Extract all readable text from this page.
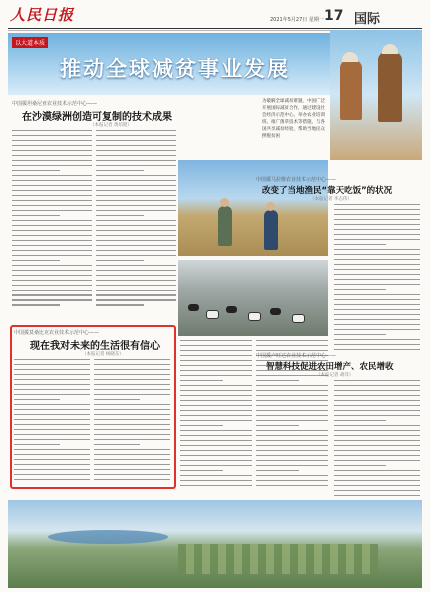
人民日报	2021年5月27日 星期一 17 国际
以大道本质
推动全球减贫事业发展
为破解全球减贫难题，中国广泛开展国际减贫合作，通过建设社会经济示范中心、举办农业培训班、推广菌草技术等措施，与各国共享减贫经验，帮助当地民众摆脱贫困
中国援坦桑尼亚农业技术示范中心——
在沙漠绿洲创造可复制的技术成果
（本报记者 黄培昭）
中国援马拉维农业技术示范中心——
改变了当地渔民“靠天吃饭”的状况
（本报记者 李志伟）
中国援卢旺达农业技术示范中心——
智慧科技促进农田增产、农民增收
（本报记者 胡洋）
中国援莫桑比克农业技术示范中心——
现在我对未来的生活很有信心
（本报记者 杨晓东）
